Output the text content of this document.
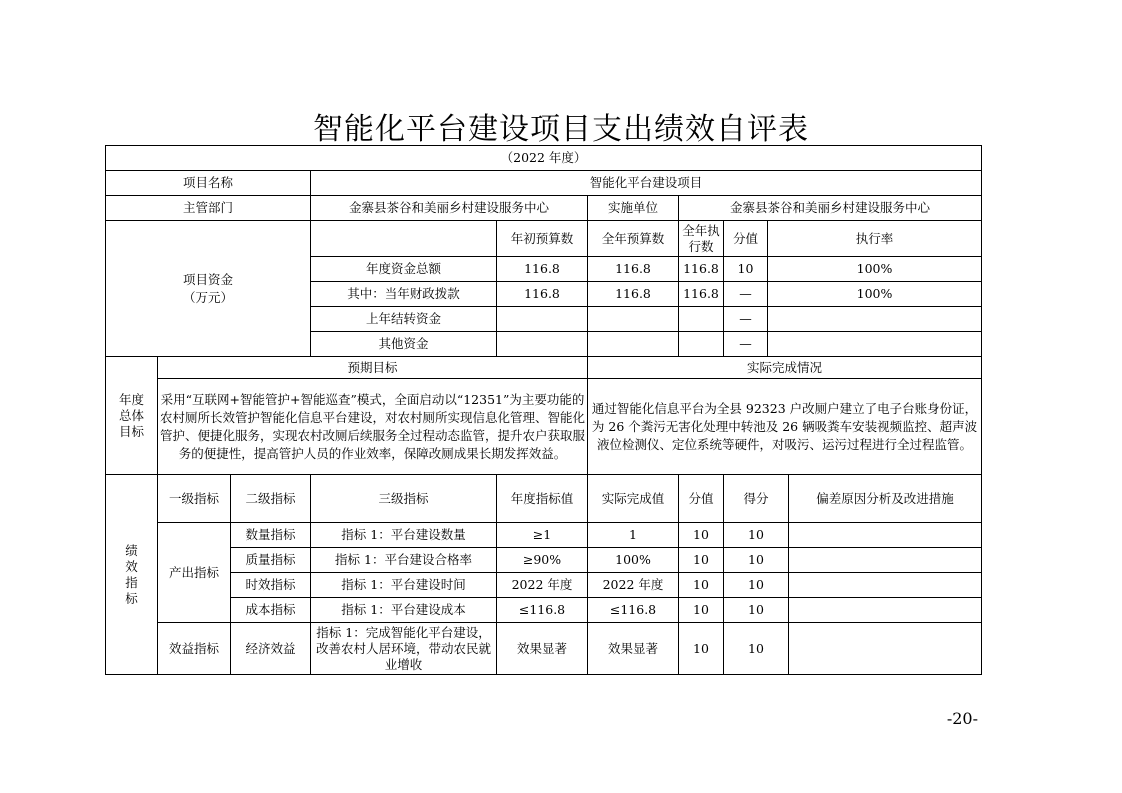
智能化平台建设项目支出绩效自评表
（2022 年度）										
项目名称			智能化平台建设项目							
主管部门			金寨县茶谷和美丽乡村建设服务中心		实施单位	金寨县茶谷和美丽乡村建设服务中心				
项目资金
（万元）				年初预算数	全年预算数	全年执行数	分值	执行率	
			年度资金总额	116.8	116.8	116.8	10	100%		
			其中：当年财政拨款	116.8	116.8	116.8	—	100%	
			上年结转资金				—		
			其他资金				—		
年度
总体
目标	预期目标				实际完成情况					
	采用“互联网+智能管护+智能巡查”模式，全面启动以“12351”为主要功能的农村厕所长效管护智能化信息平台建设，对农村厕所实现信息化管理、智能化管护、便捷化服务，实现农村改厕后续服务全过程动态监管，提升农户获取服务的便捷性，提高管护人员的作业效率，保障改厕成果长期发挥效益。				通过智能化信息平台为全县 92323 户改厕户建立了电子台账身份证，为 26 个粪污无害化处理中转池及 26 辆吸粪车安装视频监控、超声波液位检测仪、定位系统等硬件，对吸污、运污过程进行全过程监管。					
绩
效
指
标	一级指标	二级指标	三级指标	年度指标值	实际完成值	分值	得分		偏差原因分析及改进措施	
	产出指标	数量指标	指标 1：平台建设数量	≥1	1	10	10			
		质量指标	指标 1：平台建设合格率	≥90%	100%	10	10			
		时效指标	指标 1：平台建设时间	2022 年度	2022 年度	10	10			
		成本指标	指标 1：平台建设成本	≤116.8	≤116.8	10	10			
	效益指标	经济效益	指标 1：完成智能化平台建设，改善农村人居环境，带动农民就业增收	效果显著	效果显著	10	10			
-20-
